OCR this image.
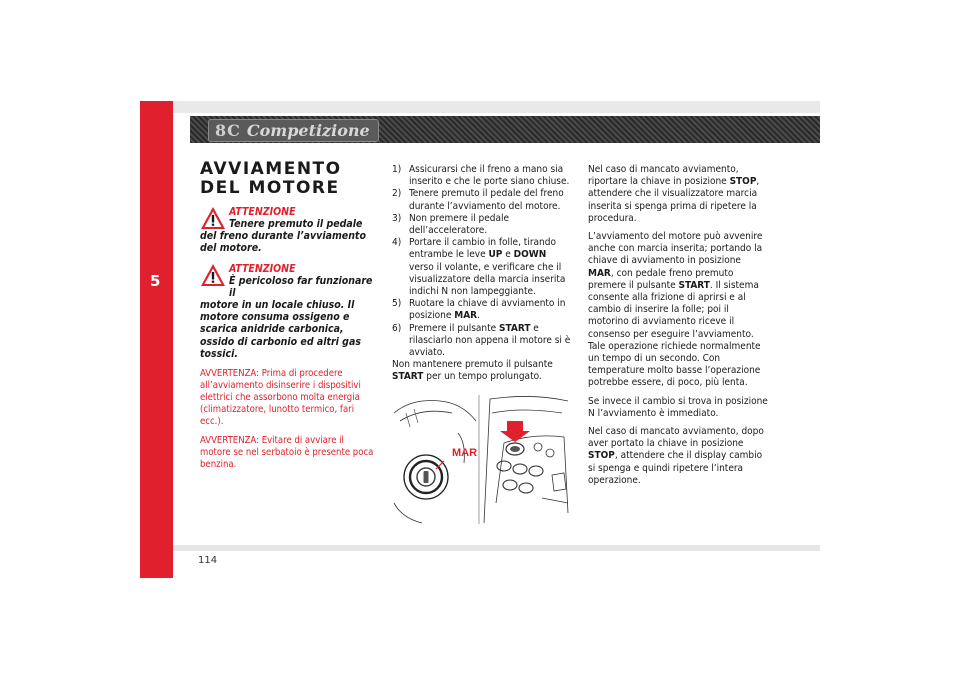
5
8C Competizione
AVVIAMENTO DEL MOTORE
ATTENZIONE
Tenere premuto il pedale
del freno durante l’avviamento del motore.
ATTENZIONE
È pericoloso far funzionare il
motore in un locale chiuso. Il motore consuma ossigeno e scarica anidride carbonica, ossido di carbonio ed altri gas tossici.

AVVERTENZA: Prima di procedere all’avviamento disinserire i dispositivi elettrici che assorbono molta energia (climatizzatore, lunotto termico, fari ecc.).

AVVERTENZA: Evitare di avviare il motore se nel serbatoio è presente poca benzina.

1) Assicurarsi che il freno a mano sia inserito e che le porte siano chiuse.
2) Tenere premuto il pedale del freno durante l’avviamento del motore.
3) Non premere il pedale dell’acceleratore.
4) Portare il cambio in folle, tirando entrambe le leve UP e DOWN verso il volante, e verificare che il visualizzatore della marcia inserita indichi N non lampeggiante.
5) Ruotare la chiave di avviamento in posizione MAR.
6) Premere il pulsante START e rilasciarlo non appena il motore si è avviato.

Non mantenere premuto il pulsante START per un tempo prolungato.

MAR

Nel caso di mancato avviamento, riportare la chiave in posizione STOP, attendere che il visualizzatore marcia inserita si spenga prima di ripetere la procedura.

L’avviamento del motore può avvenire anche con marcia inserita; portando la chiave di avviamento in posizione MAR, con pedale freno premuto premere il pulsante START. Il sistema consente alla frizione di aprirsi e al cambio di inserire la folle; poi il motorino di avviamento riceve il consenso per eseguire l’avviamento. Tale operazione richiede normalmente un tempo di un secondo. Con temperature molto basse l’operazione potrebbe essere, di poco, più lenta.

Se invece il cambio si trova in posizione N l’avviamento è immediato.

Nel caso di mancato avviamento, dopo aver portato la chiave in posizione STOP, attendere che il display cambio si spenga e quindi ripetere l’intera operazione.

114
